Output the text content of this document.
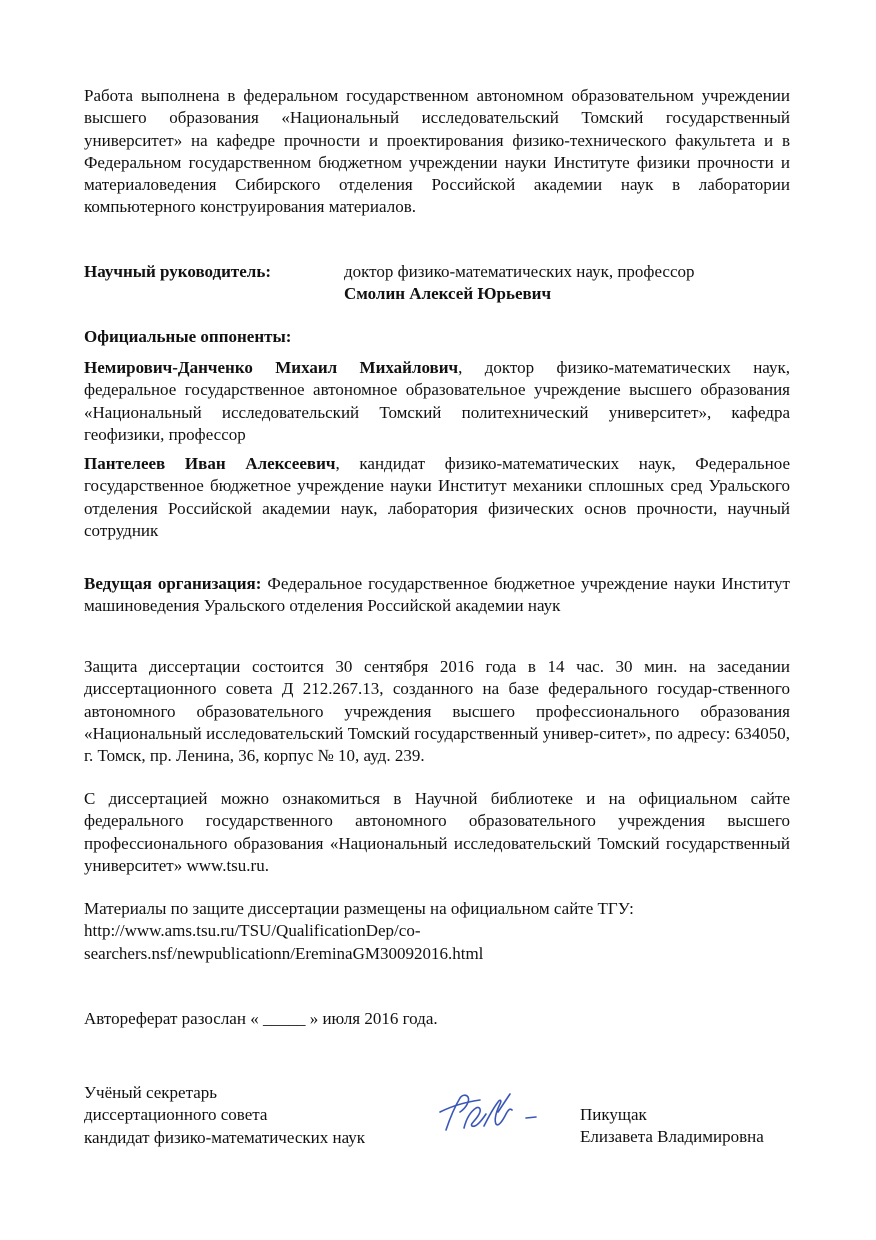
Работа выполнена в федеральном государственном автономном образовательном учреждении высшего образования «Национальный исследовательский Томский государственный университет» на кафедре прочности и проектирования физико-технического факультета и в Федеральном государственном бюджетном учреждении науки Институте физики прочности и материаловедения Сибирского отделения Российской академии наук в лаборатории компьютерного конструирования материалов.

Научный руководитель:	доктор физико-математических наук, профессор
Смолин Алексей Юрьевич
Официальные оппоненты:

Немирович-Данченко Михаил Михайлович, доктор физико-математических наук, федеральное государственное автономное образовательное учреждение высшего образования «Национальный исследовательский Томский политехнический университет», кафедра геофизики, профессор

Пантелеев Иван Алексеевич, кандидат физико-математических наук, Федеральное государственное бюджетное учреждение науки Институт механики сплошных сред Уральского отделения Российской академии наук, лаборатория физических основ прочности, научный сотрудник

Ведущая организация: Федеральное государственное бюджетное учреждение науки Институт машиноведения Уральского отделения Российской академии наук

Защита диссертации состоится 30 сентября 2016 года в 14 час. 30 мин. на заседании диссертационного совета Д 212.267.13, созданного на базе федерального государ-ственного автономного образовательного учреждения высшего профессионального образования «Национальный исследовательский Томский государственный универ-ситет», по адресу: 634050, г. Томск, пр. Ленина, 36, корпус № 10, ауд. 239.

С диссертацией можно ознакомиться в Научной библиотеке и на официальном сайте федерального государственного автономного образовательного учреждения высшего профессионального образования «Национальный исследовательский Томский государственный университет» www.tsu.ru.

Материалы по защите диссертации размещены на официальном сайте ТГУ:
http://www.ams.tsu.ru/TSU/QualificationDep/co-
searchers.nsf/newpublicationn/EreminaGM30092016.html
Автореферат разослан « _____ » июля 2016 года.
Учёный секретарь
диссертационного совета
кандидат физико-математических наук
Пикущак
Елизавета Владимировна
